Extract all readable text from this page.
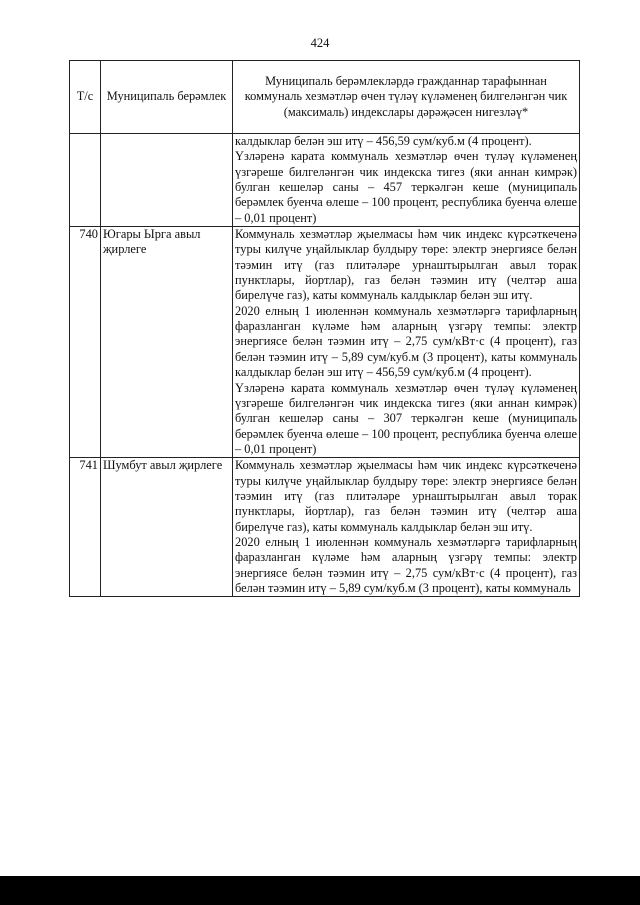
424
Т/с	Муниципаль берәмлек	Муниципаль берәмлекләрдә гражданнар тарафыннан коммуналь хезмәтләр өчен түләү күләменең билгеләнгән чик (максималь) индекслары дәрәҗәсен нигезләү*

		калдыклар белән эш итү – 456,59 сум/куб.м (4 процент).
Үзләренә карата коммуналь хезмәтләр өчен түләү күләменең үзгәреше билгеләнгән чик индекска тигез (яки аннан кимрәк) булган кешеләр саны – 457 теркәлгән кеше (муниципаль берәмлек буенча өлеше – 100 процент, республика буенча өлеше – 0,01 процент)

740	Югары Ырга авыл җирлеге	Коммуналь хезмәтләр җыелмасы һәм чик индекс күрсәткеченә туры килүче уңайлыклар булдыру төре: электр энергиясе белән тәэмин итү (газ плитәләре урнаштырылган авыл торак пунктлары, йортлар), газ белән тәэмин итү (челтәр аша бирелүче газ), каты коммуналь калдыклар белән эш итү.
2020 елның 1 июленнән коммуналь хезмәтләргә тарифларның фаразланган күләме һәм аларның үзгәрү темпы: электр энергиясе белән тәэмин итү – 2,75 сум/кВт·с (4 процент), газ белән тәэмин итү – 5,89 сум/куб.м (3 процент), каты коммуналь калдыклар белән эш итү – 456,59 сум/куб.м (4 процент).
Үзләренә карата коммуналь хезмәтләр өчен түләү күләменең үзгәреше билгеләнгән чик индекска тигез (яки аннан кимрәк) булган кешеләр саны – 307 теркәлгән кеше (муниципаль берәмлек буенча өлеше – 100 процент, республика буенча өлеше – 0,01 процент)

741	Шумбут авыл җирлеге	Коммуналь хезмәтләр җыелмасы һәм чик индекс күрсәткеченә туры килүче уңайлыклар булдыру төре: электр энергиясе белән тәэмин итү (газ плитәләре урнаштырылган авыл торак пунктлары, йортлар), газ белән тәэмин итү (челтәр аша бирелүче газ), каты коммуналь калдыклар белән эш итү.
2020 елның 1 июленнән коммуналь хезмәтләргә тарифларның фаразланган күләме һәм аларның үзгәрү темпы: электр энергиясе белән тәэмин итү – 2,75 сум/кВт·с (4 процент), газ белән тәэмин итү – 5,89 сум/куб.м (3 процент), каты коммуналь
